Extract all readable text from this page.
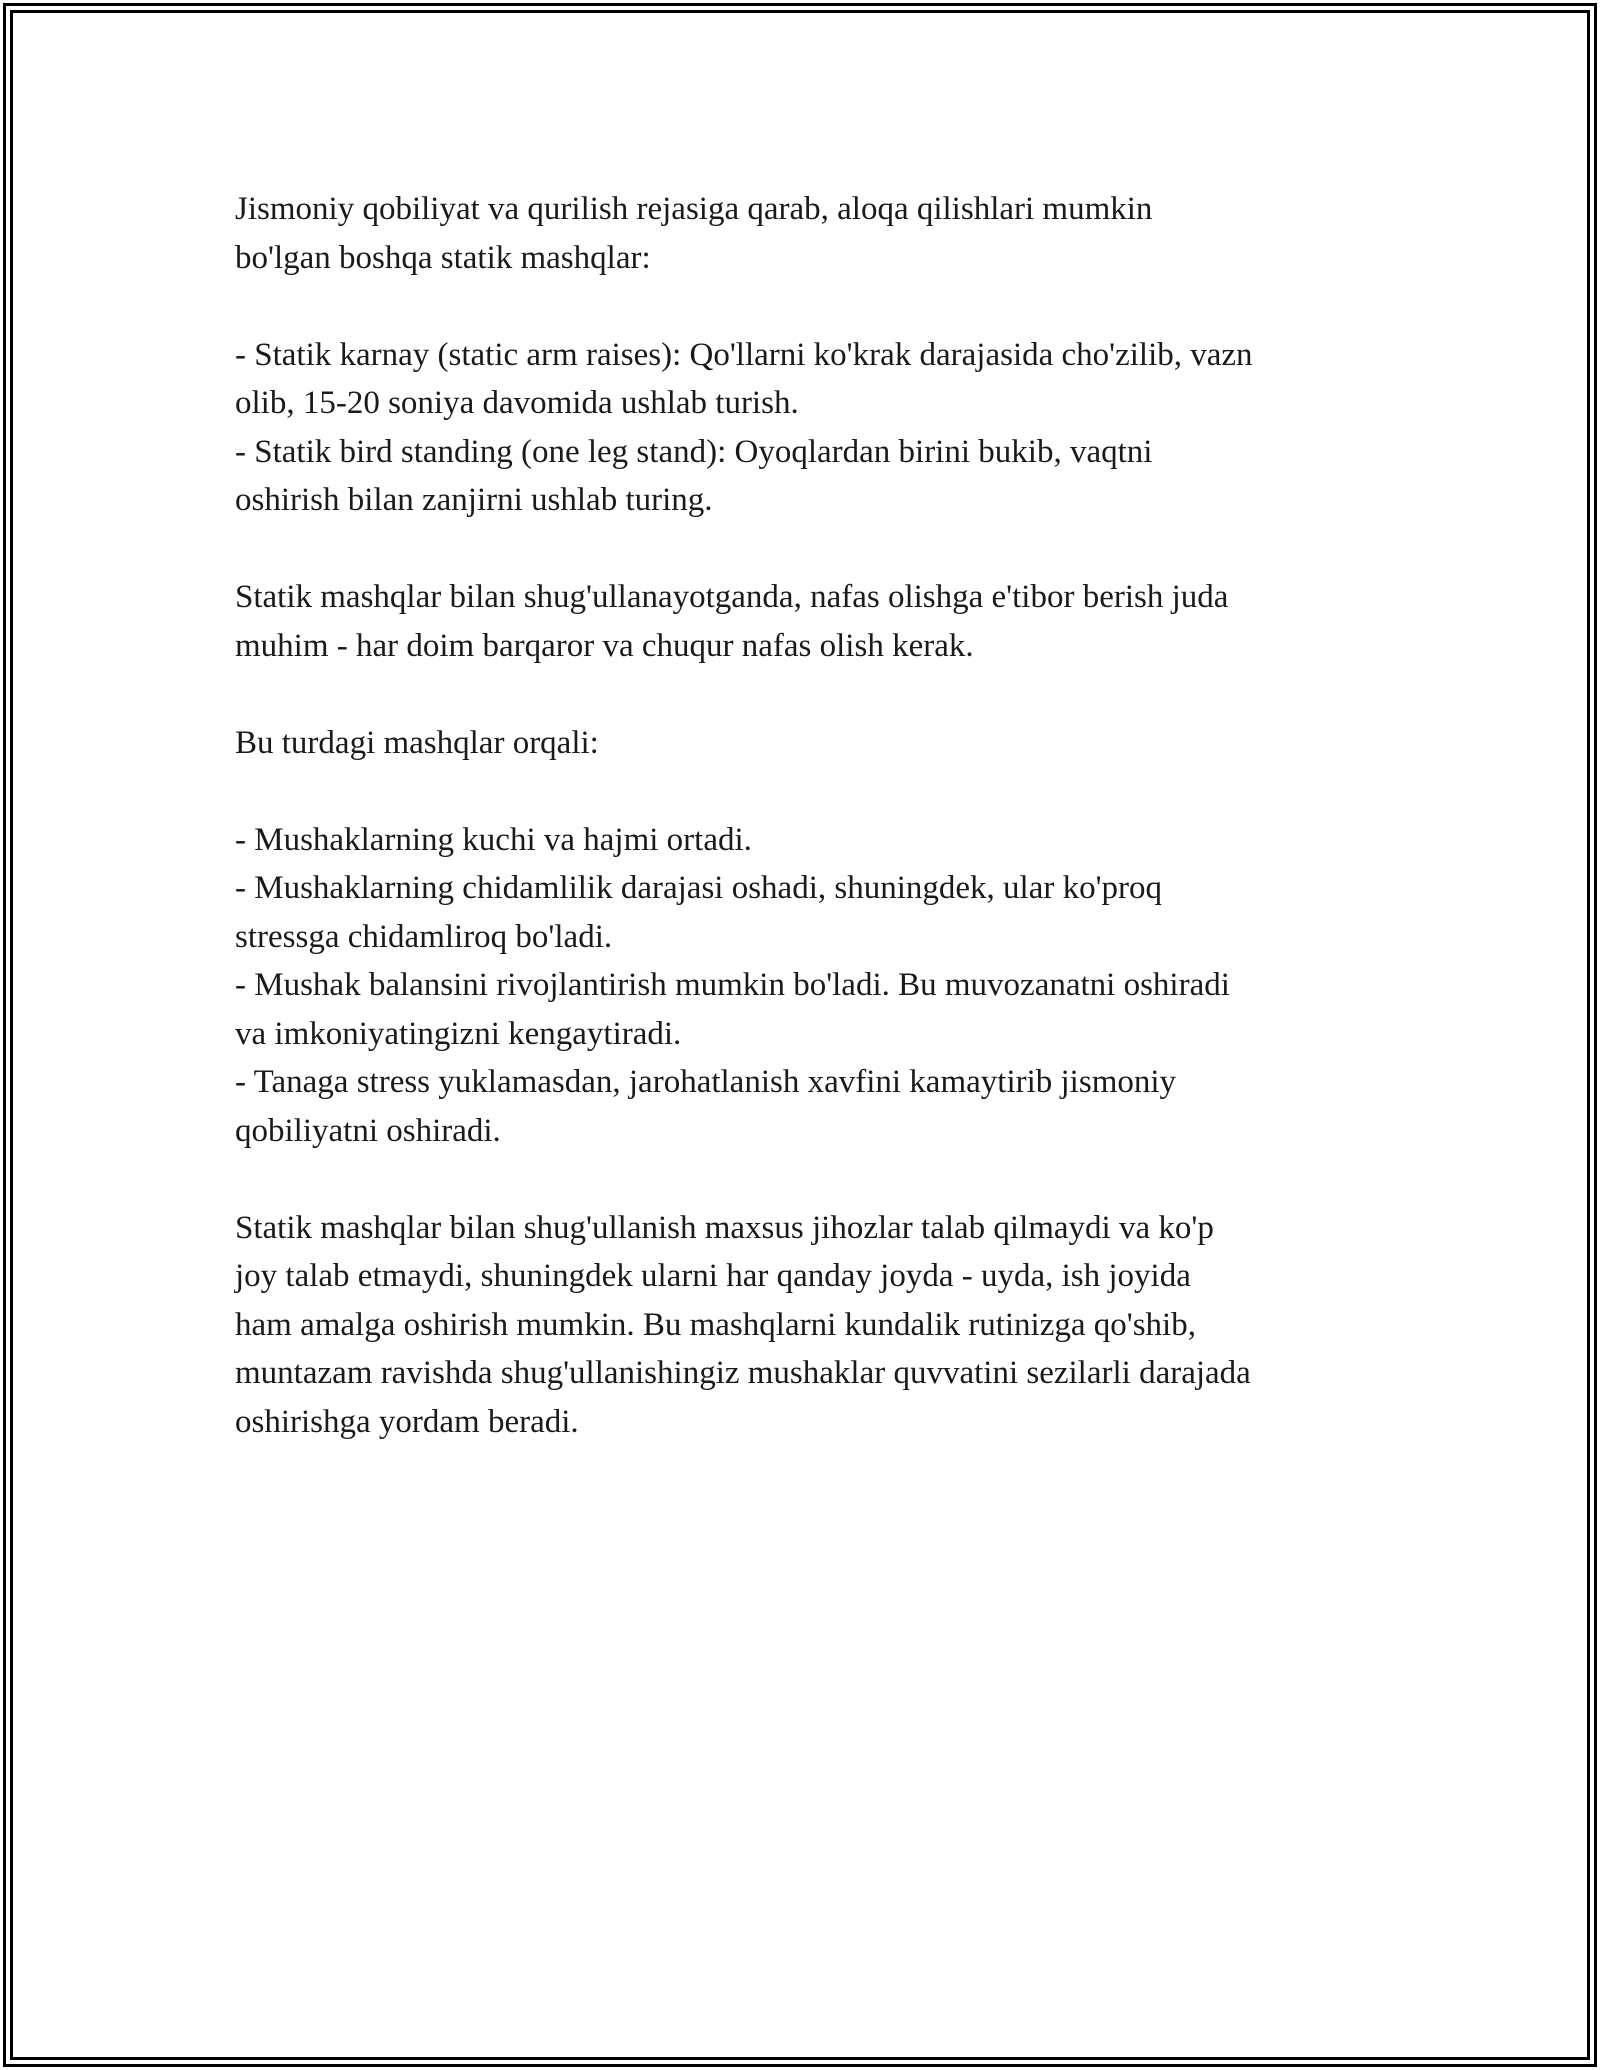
Jismoniy qobiliyat va qurilish rejasiga qarab, aloqa qilishlari mumkin
bo'lgan boshqa statik mashqlar:

- Statik karnay (static arm raises): Qo'llarni ko'krak darajasida cho'zilib, vazn
olib, 15-20 soniya davomida ushlab turish.
- Statik bird standing (one leg stand): Oyoqlardan birini bukib, vaqtni
oshirish bilan zanjirni ushlab turing.

Statik mashqlar bilan shug'ullanayotganda, nafas olishga e'tibor berish juda
muhim - har doim barqaror va chuqur nafas olish kerak.

Bu turdagi mashqlar orqali:

- Mushaklarning kuchi va hajmi ortadi.
- Mushaklarning chidamlilik darajasi oshadi, shuningdek, ular ko'proq
stressga chidamliroq bo'ladi.
- Mushak balansini rivojlantirish mumkin bo'ladi. Bu muvozanatni oshiradi
va imkoniyatingizni kengaytiradi.
- Tanaga stress yuklamasdan, jarohatlanish xavfini kamaytirib jismoniy
qobiliyatni oshiradi.

Statik mashqlar bilan shug'ullanish maxsus jihozlar talab qilmaydi va ko'p
joy talab etmaydi, shuningdek ularni har qanday joyda - uyda, ish joyida
ham amalga oshirish mumkin. Bu mashqlarni kundalik rutinizga qo'shib,
muntazam ravishda shug'ullanishingiz mushaklar quvvatini sezilarli darajada
oshirishga yordam beradi.
